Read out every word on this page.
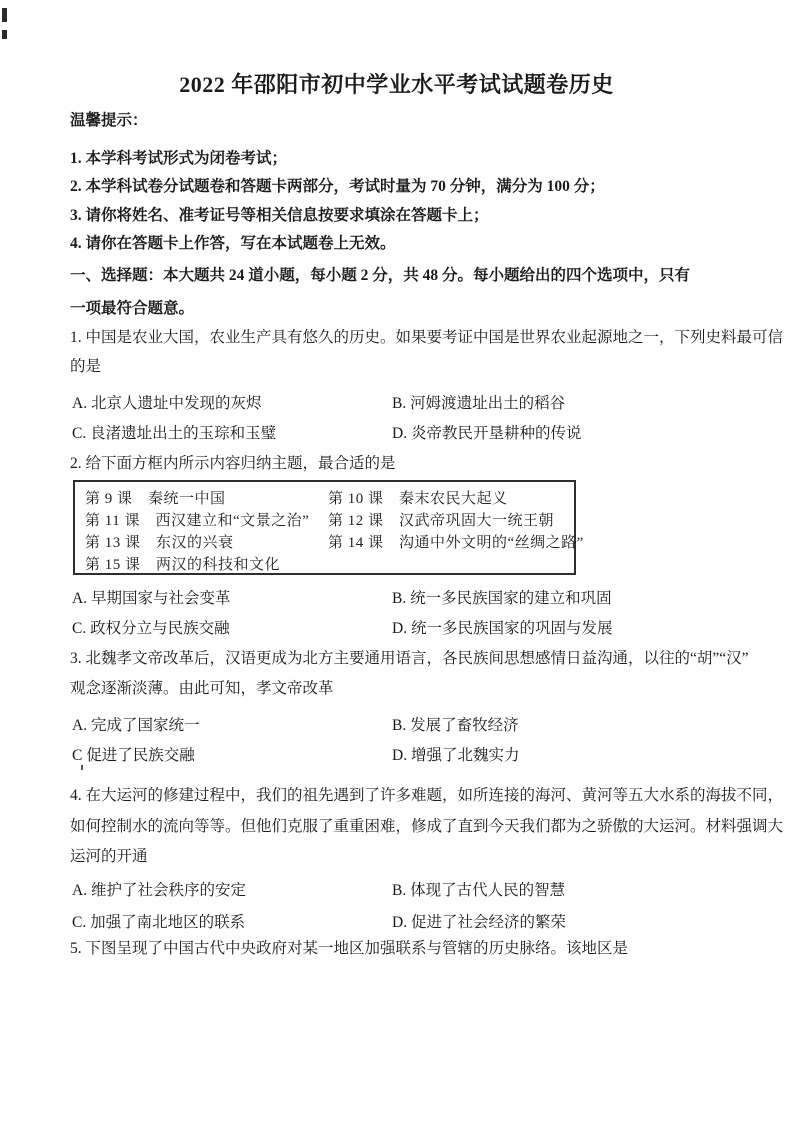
2022 年邵阳市初中学业水平考试试题卷历史
温馨提示：
1. 本学科考试形式为闭卷考试；
2. 本学科试卷分试题卷和答题卡两部分，考试时量为 70 分钟，满分为 100 分；
3. 请你将姓名、准考证号等相关信息按要求填涂在答题卡上；
4. 请你在答题卡上作答，写在本试题卷上无效。
一、选择题：本大题共 24 道小题，每小题 2 分，共 48 分。每小题给出的四个选项中，只有
一项最符合题意。
1. 中国是农业大国，农业生产具有悠久的历史。如果要考证中国是世界农业起源地之一，下列史料最可信
的是
A. 北京人遗址中发现的灰烬	B. 河姆渡遗址出土的稻谷
C. 良渚遗址出土的玉琮和玉璧	D. 炎帝教民开垦耕种的传说
2. 给下面方框内所示内容归纳主题，最合适的是
第 9 课　秦统一中国	第 10 课　秦末农民大起义
第 11 课　西汉建立和“文景之治” 第 12 课　汉武帝巩固大一统王朝
第 13 课　东汉的兴衰	第 14 课　沟通中外文明的“丝绸之路”
第 15 课　两汉的科技和文化
A. 早期国家与社会变革	B. 统一多民族国家的建立和巩固
C. 政权分立与民族交融	D. 统一多民族国家的巩固与发展
3. 北魏孝文帝改革后，汉语更成为北方主要通用语言，各民族间思想感情日益沟通，以往的“胡”“汉”
观念逐渐淡薄。由此可知，孝文帝改革
A. 完成了国家统一	B. 发展了畜牧经济
C 促进了民族交融	D. 增强了北魏实力
4. 在大运河的修建过程中，我们的祖先遇到了许多难题，如所连接的海河、黄河等五大水系的海拔不同，
如何控制水的流向等等。但他们克服了重重困难，修成了直到今天我们都为之骄傲的大运河。材料强调大
运河的开通
A. 维护了社会秩序的安定	B. 体现了古代人民的智慧
C. 加强了南北地区的联系	D. 促进了社会经济的繁荣
5. 下图呈现了中国古代中央政府对某一地区加强联系与管辖的历史脉络。该地区是
